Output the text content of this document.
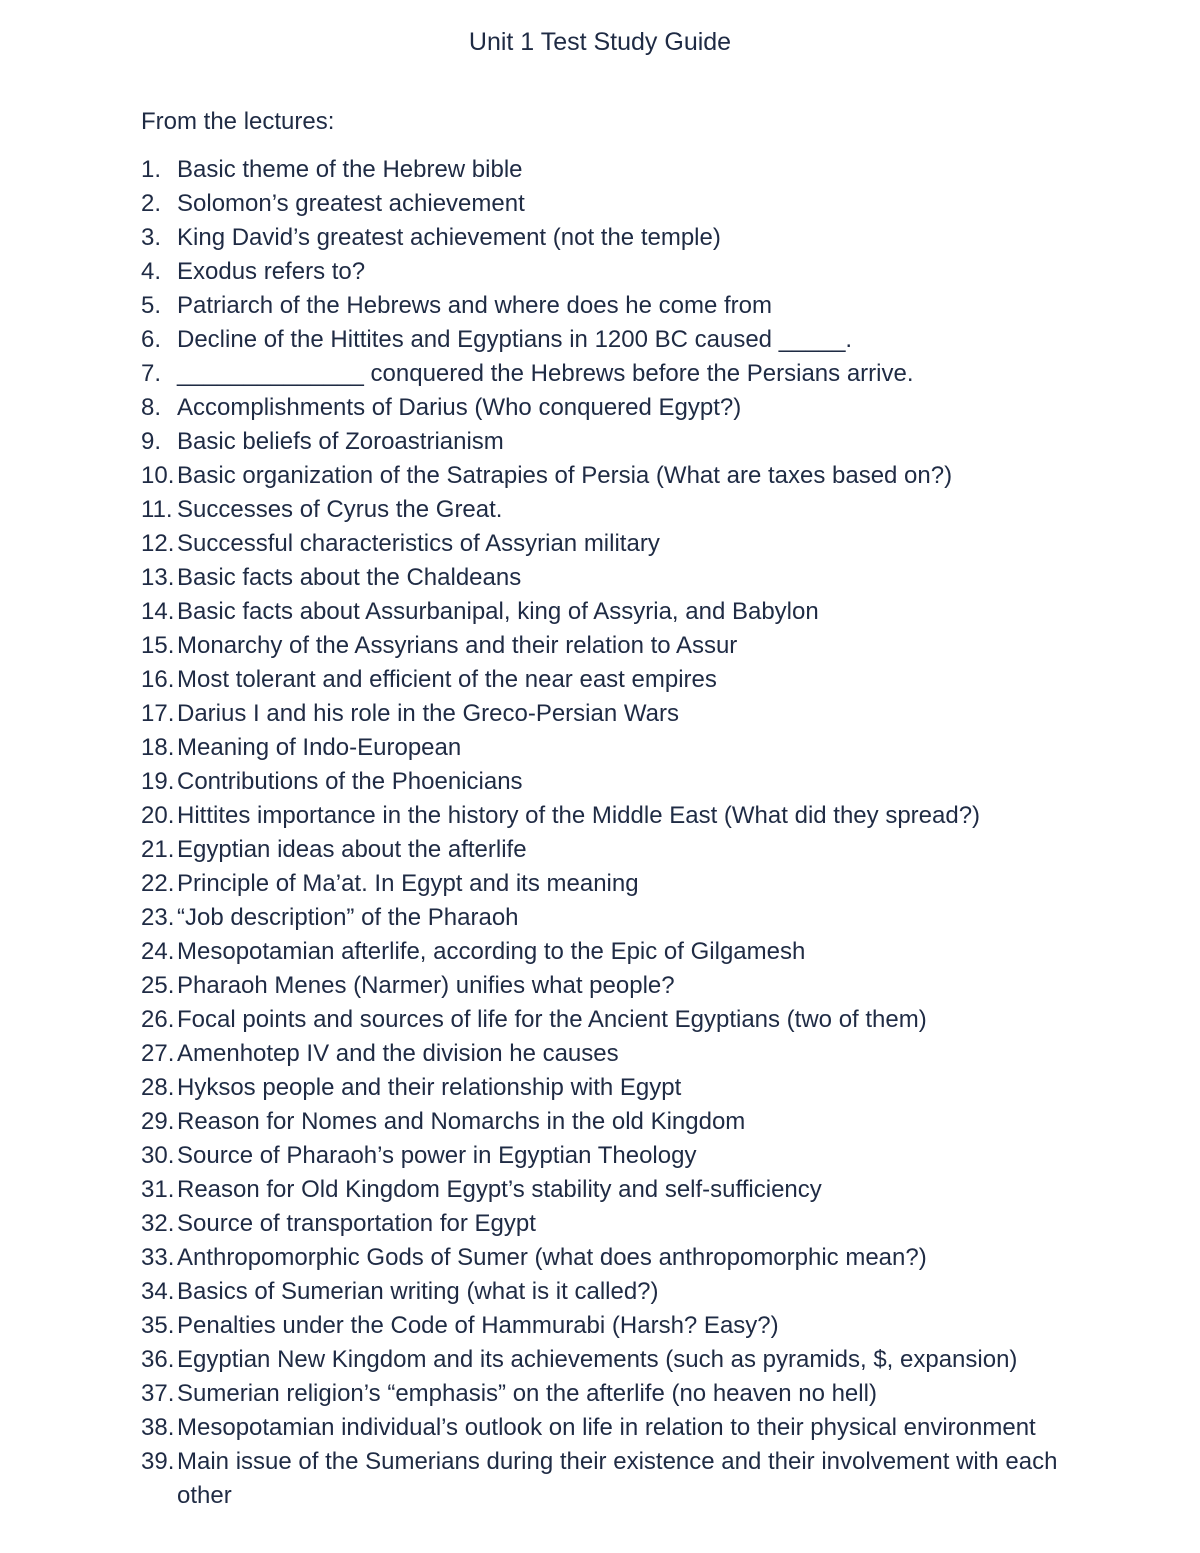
Unit 1 Test Study Guide
From the lectures:
1. Basic theme of the Hebrew bible
2. Solomon’s greatest achievement
3. King David’s greatest achievement (not the temple)
4. Exodus refers to?
5. Patriarch of the Hebrews and where does he come from
6. Decline of the Hittites and Egyptians in 1200 BC caused _____.
7. ______________ conquered the Hebrews before the Persians arrive.
8. Accomplishments of Darius (Who conquered Egypt?)
9. Basic beliefs of Zoroastrianism
10. Basic organization of the Satrapies of Persia (What are taxes based on?)
11. Successes of Cyrus the Great.
12. Successful characteristics of Assyrian military
13. Basic facts about the Chaldeans
14. Basic facts about Assurbanipal, king of Assyria, and Babylon
15. Monarchy of the Assyrians and their relation to Assur
16. Most tolerant and efficient of the near east empires
17. Darius I and his role in the Greco-Persian Wars
18. Meaning of Indo-European
19. Contributions of the Phoenicians
20. Hittites importance in the history of the Middle East (What did they spread?)
21. Egyptian ideas about the afterlife
22. Principle of Ma’at. In Egypt and its meaning
23. “Job description” of the Pharaoh
24. Mesopotamian afterlife, according to the Epic of Gilgamesh
25. Pharaoh Menes (Narmer) unifies what people?
26. Focal points and sources of life for the Ancient Egyptians (two of them)
27. Amenhotep IV and the division he causes
28. Hyksos people and their relationship with Egypt
29. Reason for Nomes and Nomarchs in the old Kingdom
30. Source of Pharaoh’s power in Egyptian Theology
31. Reason for Old Kingdom Egypt’s stability and self-sufficiency
32. Source of transportation for Egypt
33. Anthropomorphic Gods of Sumer (what does anthropomorphic mean?)
34. Basics of Sumerian writing (what is it called?)
35. Penalties under the Code of Hammurabi (Harsh? Easy?)
36. Egyptian New Kingdom and its achievements (such as pyramids, $, expansion)
37. Sumerian religion’s “emphasis” on the afterlife (no heaven no hell)
38. Mesopotamian individual’s outlook on life in relation to their physical environment
39. Main issue of the Sumerians during their existence and their involvement with each other
